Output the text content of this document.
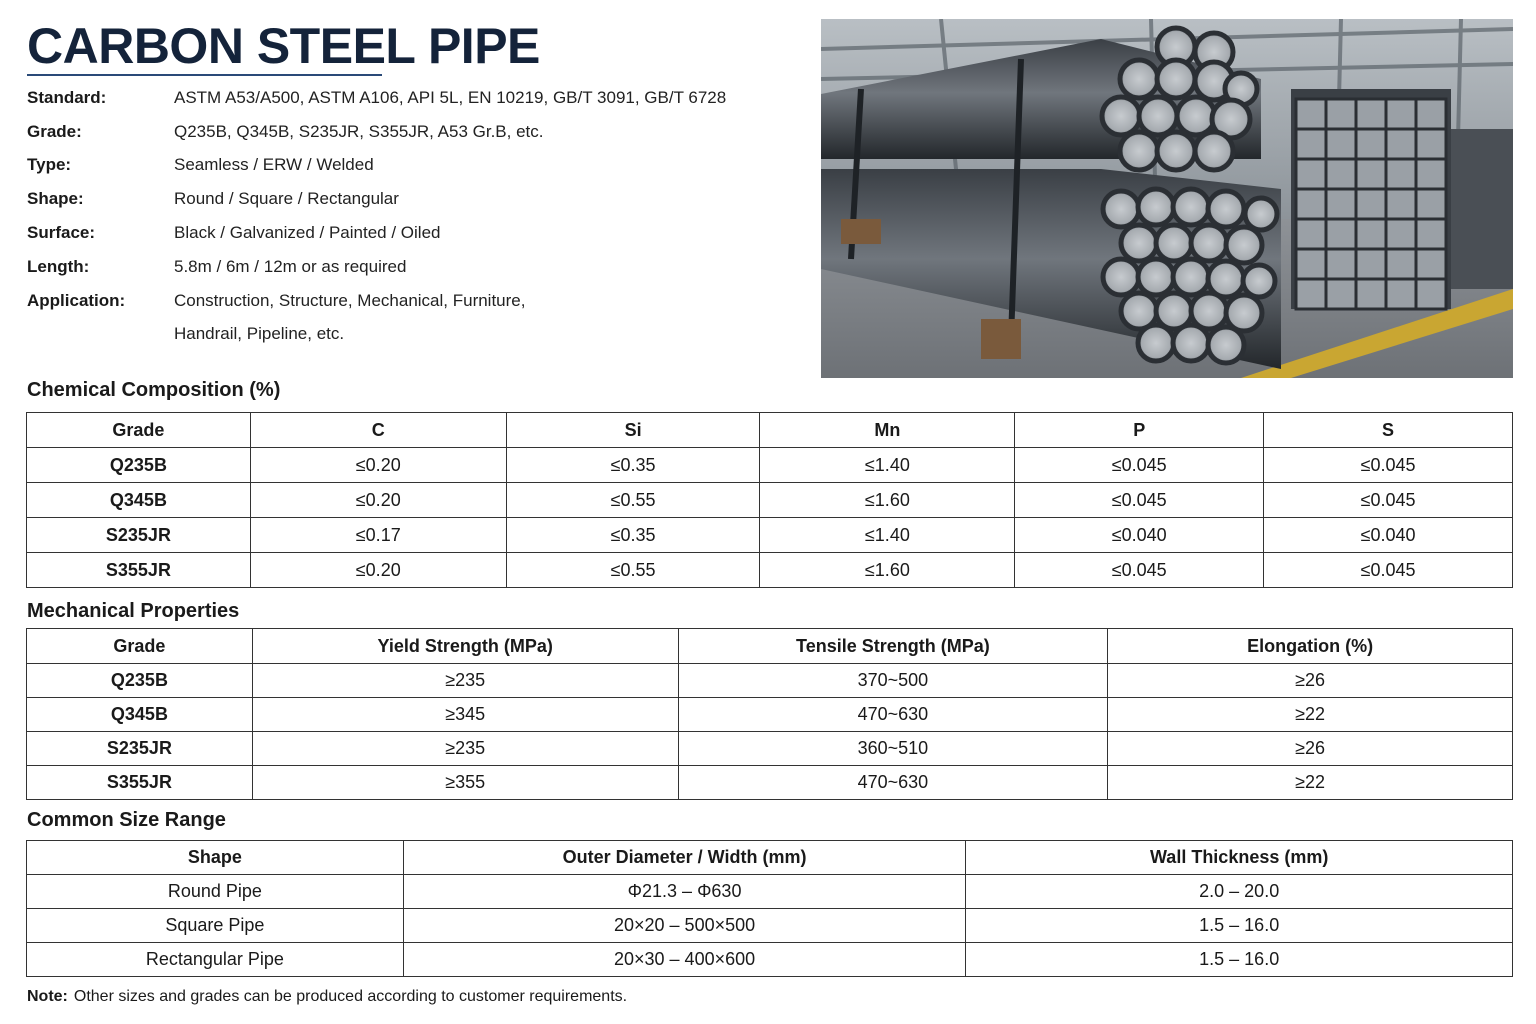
CARBON STEEL PIPE
Standard:	ASTM A53/A500, ASTM A106, API 5L, EN 10219, GB/T 3091, GB/T 6728
Grade:	Q235B, Q345B, S235JR, S355JR, A53 Gr.B, etc.
Type:	Seamless / ERW / Welded
Shape:	Round / Square / Rectangular
Surface:	Black / Galvanized / Painted / Oiled
Length:	5.8m / 6m / 12m or as required
Application:	Construction, Structure, Mechanical, Furniture,
Handrail, Pipeline, etc.
Chemical Composition (%)
Grade	C	Si	Mn	P	S
Q235B	≤0.20	≤0.35	≤1.40	≤0.045	≤0.045
Q345B	≤0.20	≤0.55	≤1.60	≤0.045	≤0.045
S235JR	≤0.17	≤0.35	≤1.40	≤0.040	≤0.040
S355JR	≤0.20	≤0.55	≤1.60	≤0.045	≤0.045
Mechanical Properties
Grade	Yield Strength (MPa)	Tensile Strength (MPa)	Elongation (%)
Q235B	≥235	370~500	≥26
Q345B	≥345	470~630	≥22
S235JR	≥235	360~510	≥26
S355JR	≥355	470~630	≥22
Common Size Range
Shape	Outer Diameter / Width (mm)	Wall Thickness (mm)
Round Pipe	Φ21.3 – Φ630	2.0 – 20.0
Square Pipe	20×20 – 500×500	1.5 – 16.0
Rectangular Pipe	20×30 – 400×600	1.5 – 16.0
Note: Other sizes and grades can be produced according to customer requirements.
